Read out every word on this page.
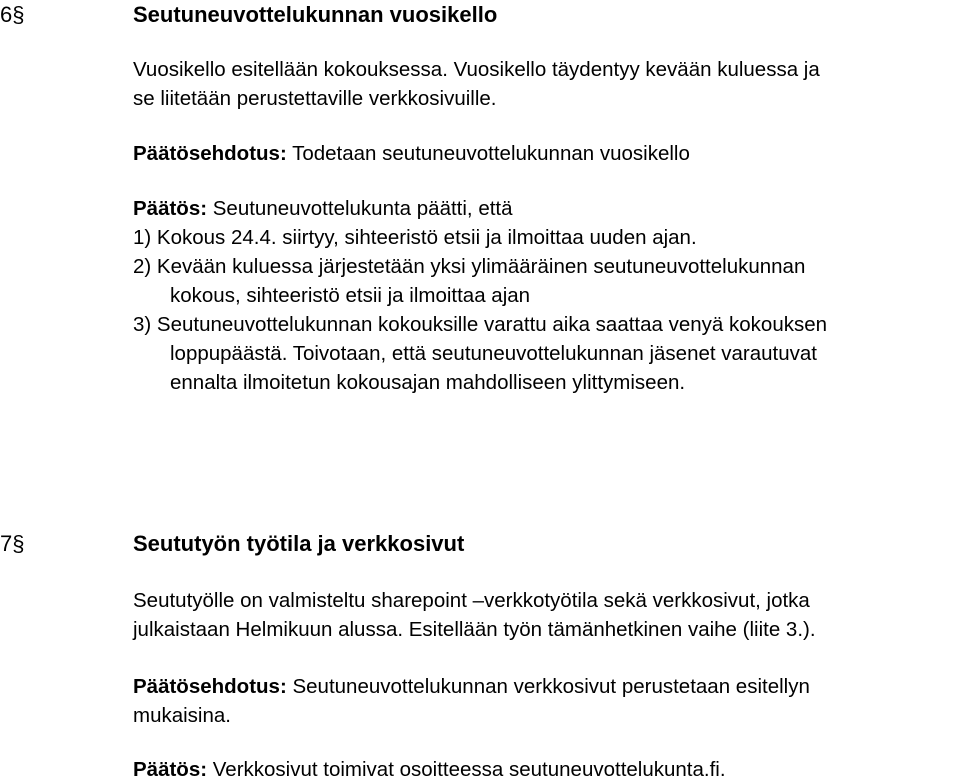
6§	Seutuneuvottelukunnan vuosikello
Vuosikello esitellään kokouksessa. Vuosikello täydentyy kevään kuluessa ja
se liitetään perustettaville verkkosivuille.
Päätösehdotus: Todetaan seutuneuvottelukunnan vuosikello
Päätös: Seutuneuvottelukunta päätti, että
1) Kokous 24.4. siirtyy, sihteeristö etsii ja ilmoittaa uuden ajan.
2) Kevään kuluessa järjestetään yksi ylimääräinen seutuneuvottelukunnan
kokous, sihteeristö etsii ja ilmoittaa ajan
3) Seutuneuvottelukunnan kokouksille varattu aika saattaa venyä kokouksen
loppupäästä. Toivotaan, että seutuneuvottelukunnan jäsenet varautuvat
ennalta ilmoitetun kokousajan mahdolliseen ylittymiseen.
7§	Seututyön työtila ja verkkosivut
Seututyölle on valmisteltu sharepoint –verkkotyötila sekä verkkosivut, jotka
julkaistaan Helmikuun alussa. Esitellään työn tämänhetkinen vaihe (liite 3.).
Päätösehdotus: Seutuneuvottelukunnan verkkosivut perustetaan esitellyn
mukaisina.
Päätös: Verkkosivut toimivat osoitteessa seutuneuvottelukunta.fi.
